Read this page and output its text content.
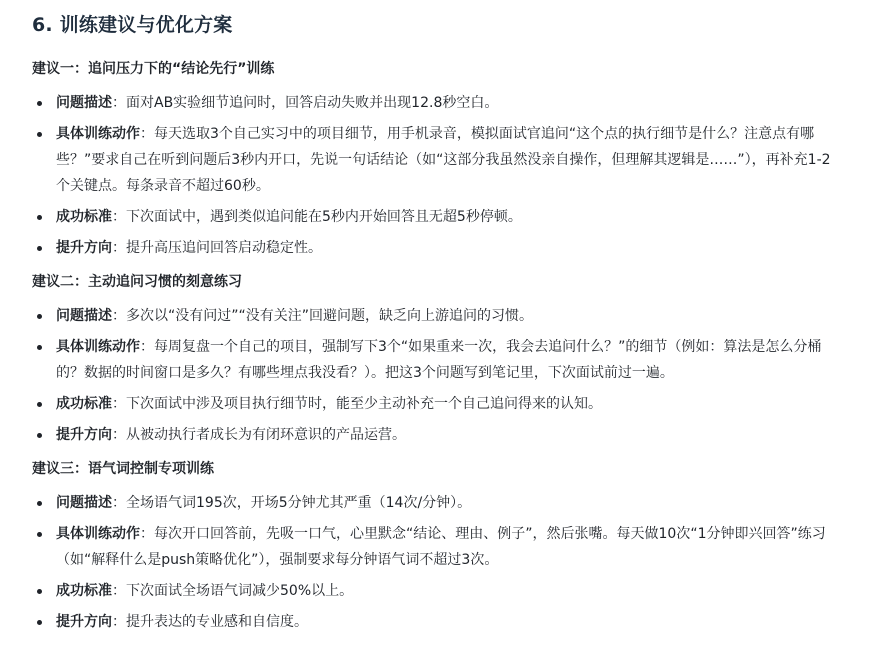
6. 训练建议与优化方案
建议一：追问压力下的“结论先行”训练
问题描述：面对AB实验细节追问时，回答启动失败并出现12.8秒空白。
具体训练动作：每天选取3个自己实习中的项目细节，用手机录音，模拟面试官追问“这个点的执行细节是什么？注意点有哪些？”要求自己在听到问题后3秒内开口，先说一句话结论（如“这部分我虽然没亲自操作，但理解其逻辑是……”），再补充1-2个关键点。每条录音不超过60秒。
成功标准：下次面试中，遇到类似追问能在5秒内开始回答且无超5秒停顿。
提升方向：提升高压追问回答启动稳定性。
建议二：主动追问习惯的刻意练习
问题描述：多次以“没有问过”“没有关注”回避问题，缺乏向上游追问的习惯。
具体训练动作：每周复盘一个自己的项目，强制写下3个“如果重来一次，我会去追问什么？”的细节（例如：算法是怎么分桶的？数据的时间窗口是多久？有哪些埋点我没看？）。把这3个问题写到笔记里，下次面试前过一遍。
成功标准：下次面试中涉及项目执行细节时，能至少主动补充一个自己追问得来的认知。
提升方向：从被动执行者成长为有闭环意识的产品运营。
建议三：语气词控制专项训练
问题描述：全场语气词195次，开场5分钟尤其严重（14次/分钟）。
具体训练动作：每次开口回答前，先吸一口气，心里默念“结论、理由、例子”，然后张嘴。每天做10次“1分钟即兴回答”练习（如“解释什么是push策略优化”），强制要求每分钟语气词不超过3次。
成功标准：下次面试全场语气词减少50%以上。
提升方向：提升表达的专业感和自信度。
